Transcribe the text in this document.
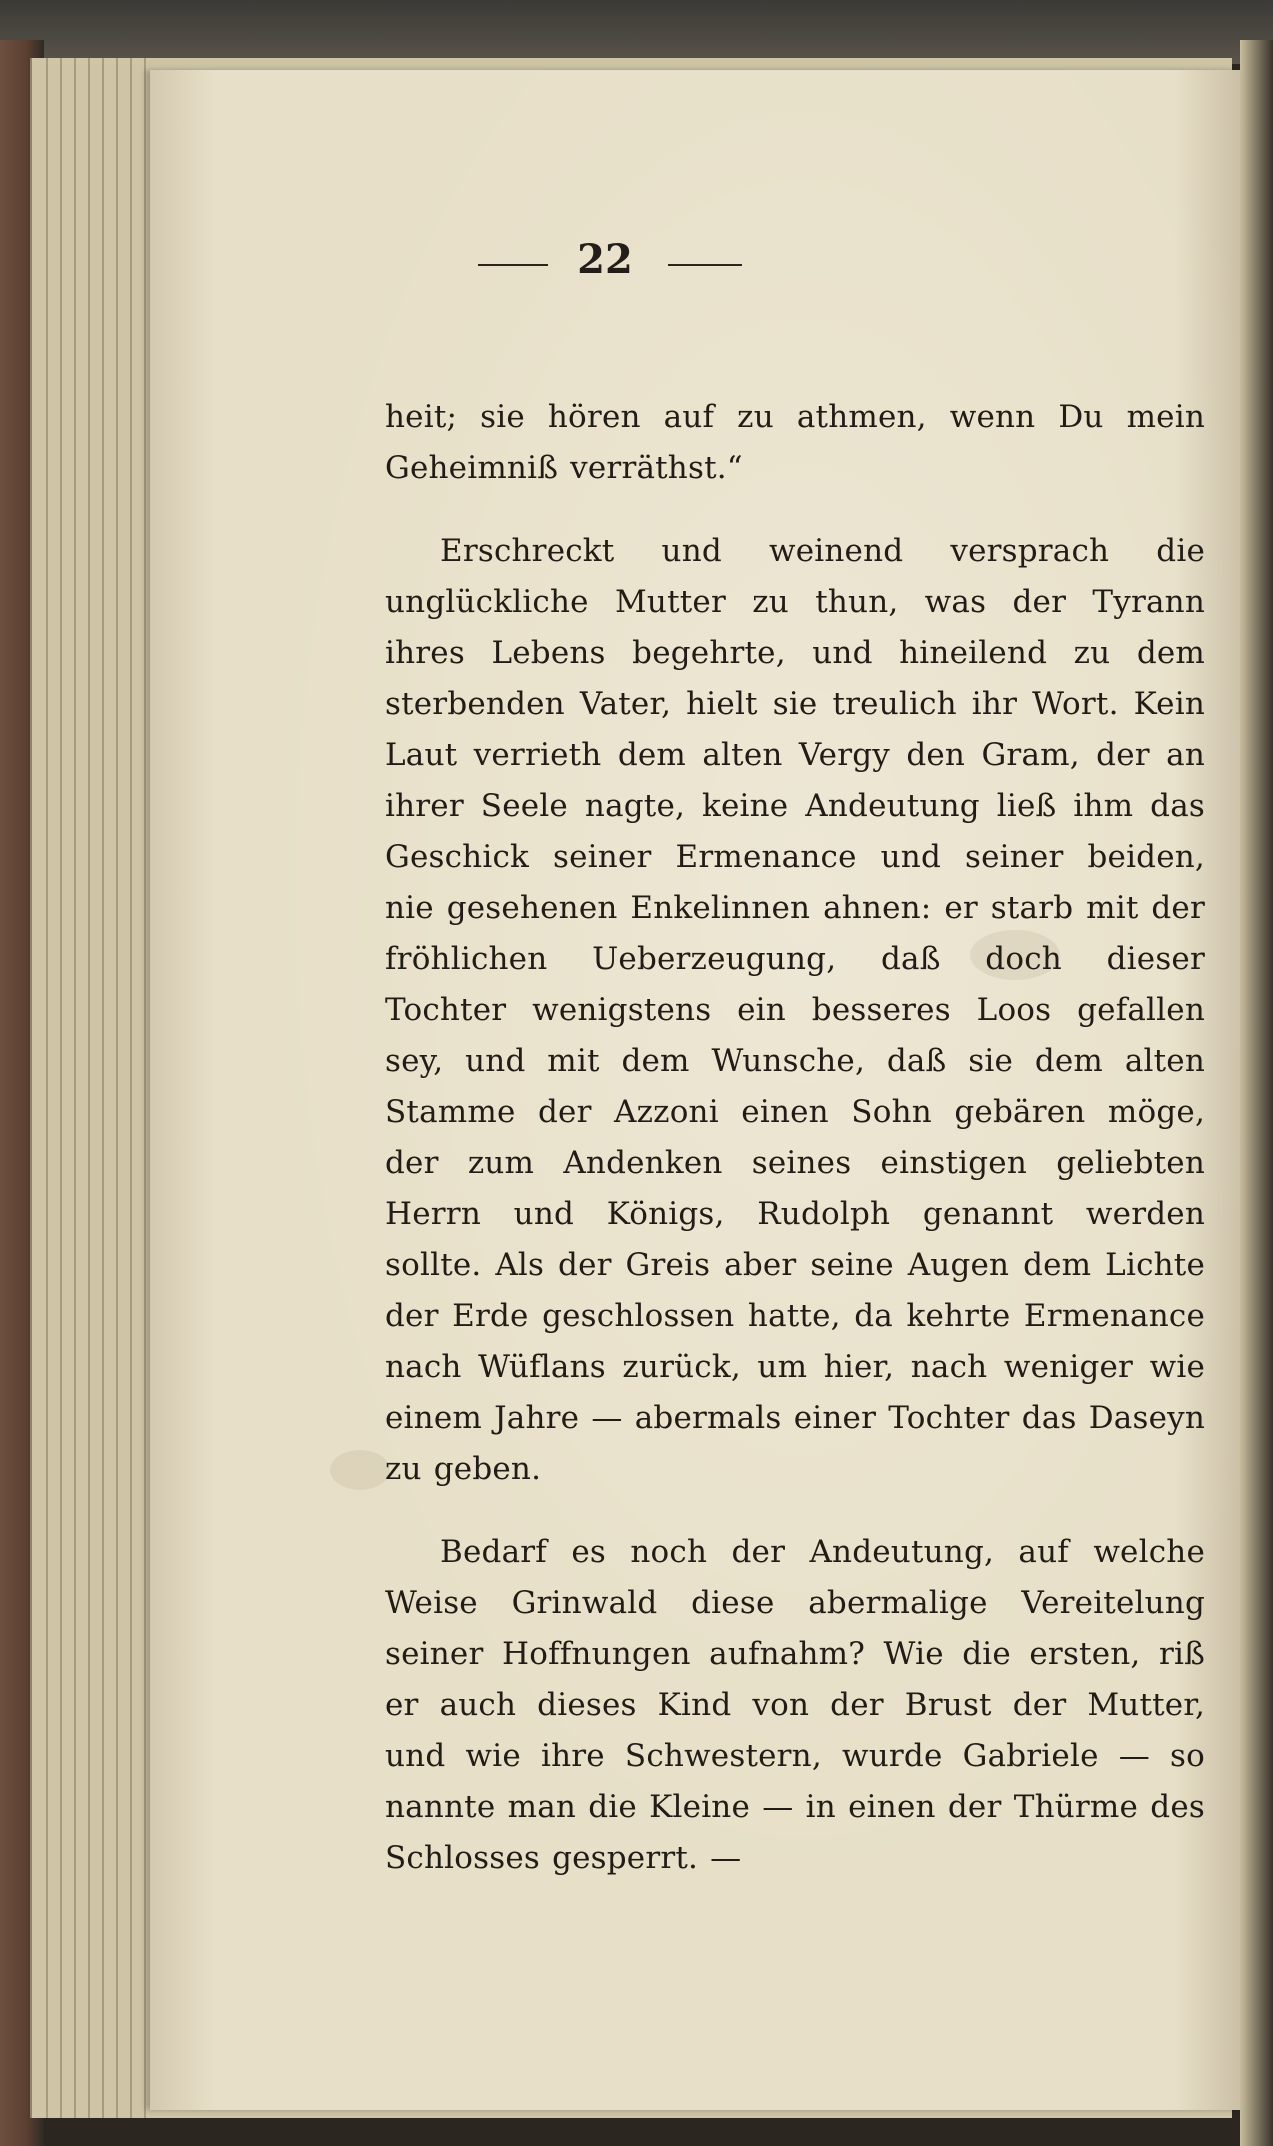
22

heit; sie hören auf zu athmen, wenn Du mein Geheimniß verräthst.“

Erschreckt und weinend versprach die unglückliche Mutter zu thun, was der Tyrann ihres Lebens begehrte, und hineilend zu dem sterbenden Vater, hielt sie treulich ihr Wort. Kein Laut verrieth dem alten Vergy den Gram, der an ihrer Seele nagte, keine Andeutung ließ ihm das Geschick seiner Ermenance und seiner beiden, nie gesehenen Enkelinnen ahnen: er starb mit der fröhlichen Ueberzeugung, daß doch dieser Tochter wenigstens ein besseres Loos gefallen sey, und mit dem Wunsche, daß sie dem alten Stamme der Azzoni einen Sohn gebären möge, der zum Andenken seines einstigen geliebten Herrn und Königs, Rudolph genannt werden sollte. Als der Greis aber seine Augen dem Lichte der Erde geschlossen hatte, da kehrte Ermenance nach Wüflans zurück, um hier, nach weniger wie einem Jahre — abermals einer Tochter das Daseyn zu geben.

Bedarf es noch der Andeutung, auf welche Weise Grinwald diese abermalige Vereitelung seiner Hoffnungen aufnahm? Wie die ersten, riß er auch dieses Kind von der Brust der Mutter, und wie ihre Schwestern, wurde Gabriele — so nannte man die Kleine — in einen der Thürme des Schlosses gesperrt. —
